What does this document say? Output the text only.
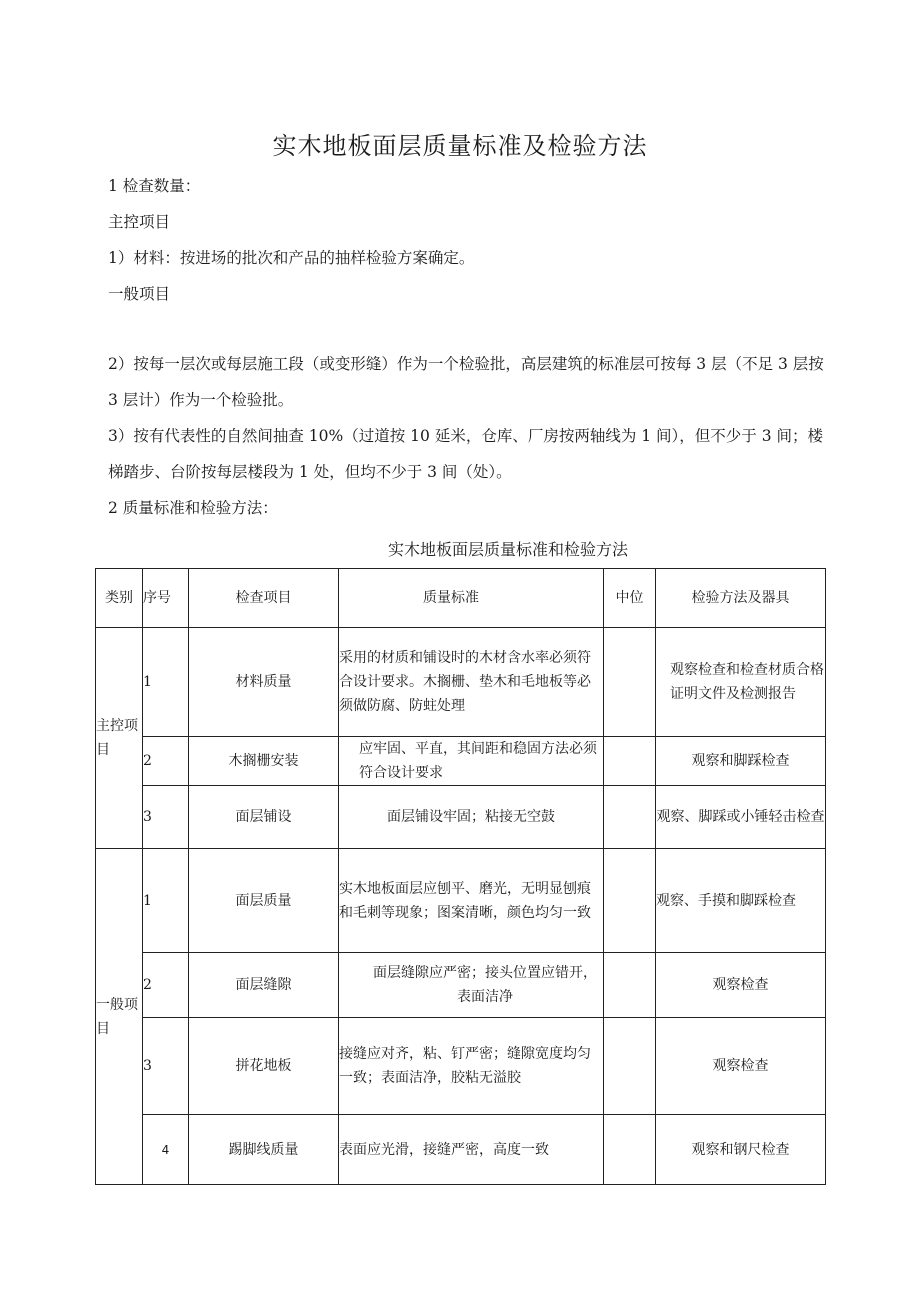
实木地板面层质量标准及检验方法
1 检查数量：
主控项目
1）材料：按进场的批次和产品的抽样检验方案确定。
一般项目
2）按每一层次或每层施工段（或变形缝）作为一个检验批，高层建筑的标准层可按每 3 层（不足 3 层按 3 层计）作为一个检验批。
3）按有代表性的自然间抽查 10%（过道按 10 延米，仓库、厂房按两轴线为 1 间），但不少于 3 间；楼梯踏步、台阶按每层楼段为 1 处，但均不少于 3 间（处）。
2 质量标准和检验方法：
实木地板面层质量标准和检验方法
类别	序号	检查项目	质量标准	中位	检验方法及器具
主控项目	1	材料质量	采用的材质和铺设时的木材含水率必须符合设计要求。木搁栅、垫木和毛地板等必须做防腐、防蛀处理		观察检查和检查材质合格证明文件及检测报告
	2	木搁栅安装	应牢固、平直，其间距和稳固方法必须符合设计要求		观察和脚踩检查
	3	面层铺设	面层铺设牢固；粘接无空鼓		观察、脚踩或小锤轻击检查
一般项目	1	面层质量	实木地板面层应刨平、磨光，无明显刨痕和毛刺等现象；图案清晰，颜色均匀一致		观察、手摸和脚踩检查
	2	面层缝隙	面层缝隙应严密；接头位置应错开，表面洁净		观察检查
	3	拼花地板	接缝应对齐，粘、钉严密；缝隙宽度均匀一致；表面洁净，胶粘无溢胶		观察检查
	4	踢脚线质量	表面应光滑，接缝严密，高度一致		观察和钢尺检查
